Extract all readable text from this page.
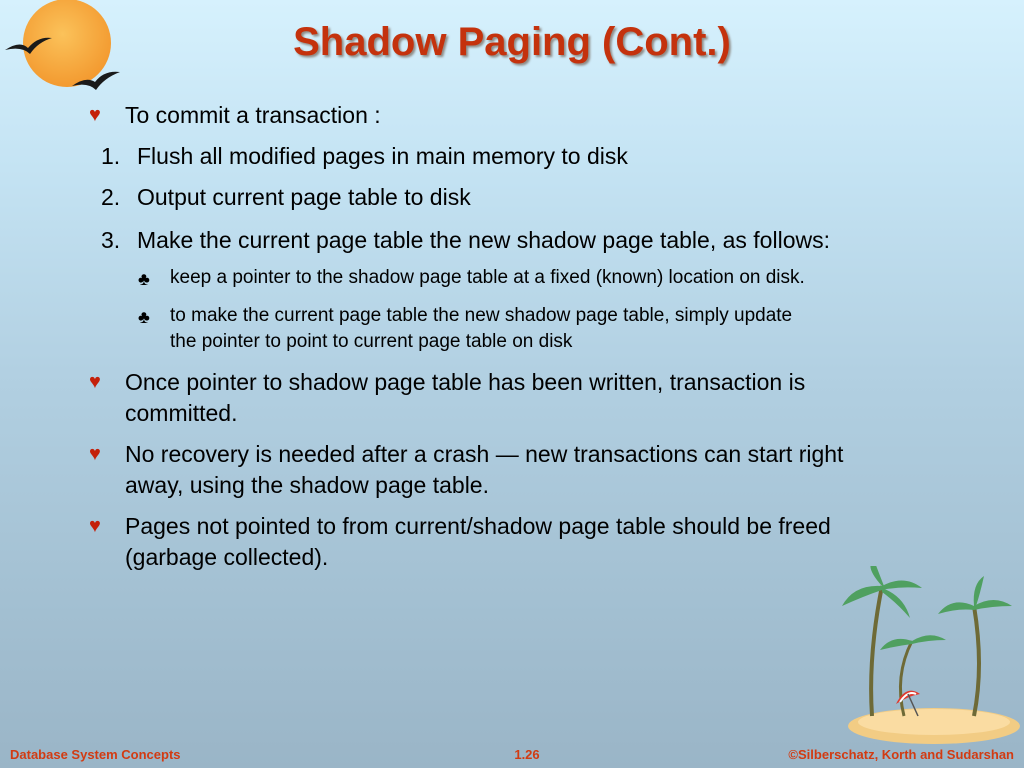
Shadow Paging (Cont.)
♥ To commit a transaction :
1. Flush all modified pages in main memory to disk
2. Output current page table to disk
3. Make the current page table the new shadow page table, as follows:
♣ keep a pointer to the shadow page table at a fixed (known) location on disk.
♣ to make the current page table the new shadow page table, simply update
the pointer to point to current page table on disk
♥ Once pointer to shadow page table has been written, transaction is
committed.
♥ No recovery is needed after a crash — new transactions can start right
away, using the shadow page table.
♥ Pages not pointed to from current/shadow page table should be freed
(garbage collected).
Database System Concepts	1.26	©Silberschatz, Korth and Sudarshan
